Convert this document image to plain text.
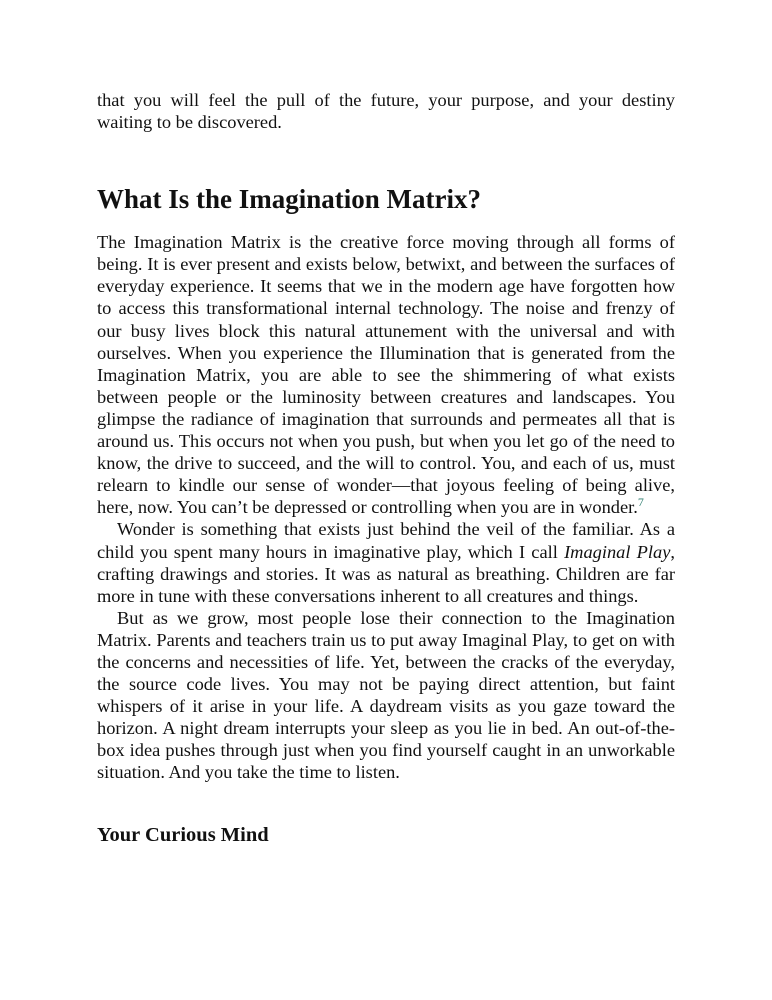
that you will feel the pull of the future, your purpose, and your destiny waiting to be discovered.

What Is the Imagination Matrix?

The Imagination Matrix is the creative force moving through all forms of being. It is ever present and exists below, betwixt, and between the surfaces of everyday experience. It seems that we in the modern age have forgotten how to access this transformational internal technology. The noise and frenzy of our busy lives block this natural attunement with the universal and with ourselves. When you experience the Illumination that is generated from the Imagination Matrix, you are able to see the shimmering of what exists between people or the luminosity between creatures and landscapes. You glimpse the radiance of imagination that surrounds and permeates all that is around us. This occurs not when you push, but when you let go of the need to know, the drive to succeed, and the will to control. You, and each of us, must relearn to kindle our sense of wonder—that joyous feeling of being alive, here, now. You can’t be depressed or controlling when you are in wonder.$^7$

Wonder is something that exists just behind the veil of the familiar. As a child you spent many hours in imaginative play, which I call Imaginal Play, crafting drawings and stories. It was as natural as breathing. Children are far more in tune with these conversations inherent to all creatures and things.

But as we grow, most people lose their connection to the Imagination Matrix. Parents and teachers train us to put away Imaginal Play, to get on with the concerns and necessities of life. Yet, between the cracks of the everyday, the source code lives. You may not be paying direct attention, but faint whispers of it arise in your life. A daydream visits as you gaze toward the horizon. A night dream interrupts your sleep as you lie in bed. An out-of-the-box idea pushes through just when you find yourself caught in an unworkable situation. And you take the time to listen.

Your Curious Mind
